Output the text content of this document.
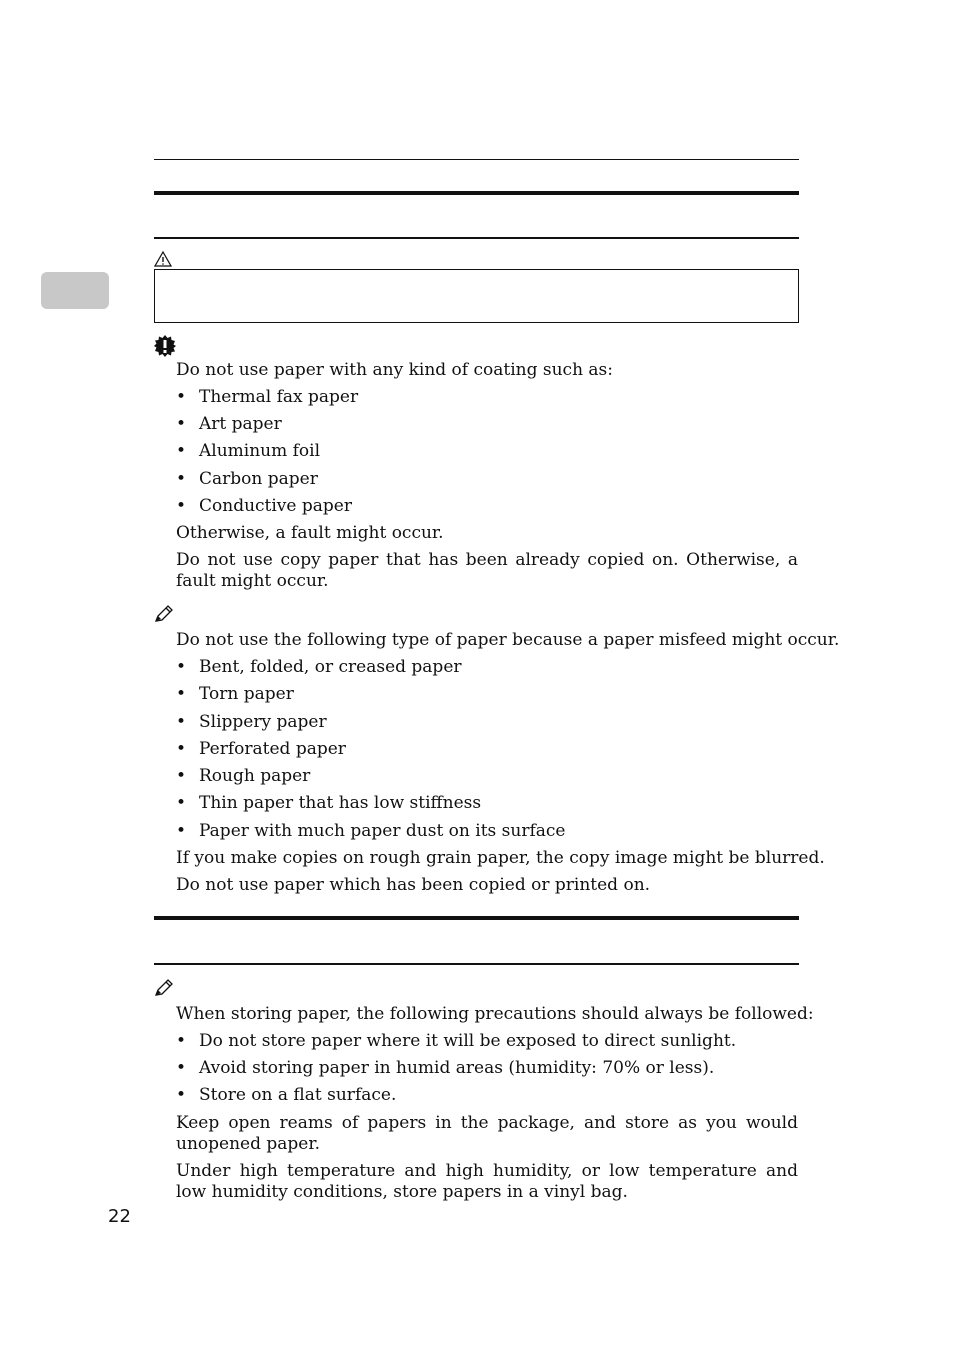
Do not use paper with any kind of coating such as:
• Thermal fax paper
• Art paper
• Aluminum foil
• Carbon paper
• Conductive paper
Otherwise, a fault might occur.
Do not use copy paper that has been already copied on. Otherwise, a fault might occur.
Do not use the following type of paper because a paper misfeed might occur.
• Bent, folded, or creased paper
• Torn paper
• Slippery paper
• Perforated paper
• Rough paper
• Thin paper that has low stiffness
• Paper with much paper dust on its surface
If you make copies on rough grain paper, the copy image might be blurred.
Do not use paper which has been copied or printed on.
When storing paper, the following precautions should always be followed:
• Do not store paper where it will be exposed to direct sunlight.
• Avoid storing paper in humid areas (humidity: 70% or less).
• Store on a flat surface.
Keep open reams of papers in the package, and store as you would unopened paper.
Under high temperature and high humidity, or low temperature and low humidity conditions, store papers in a vinyl bag.
22
